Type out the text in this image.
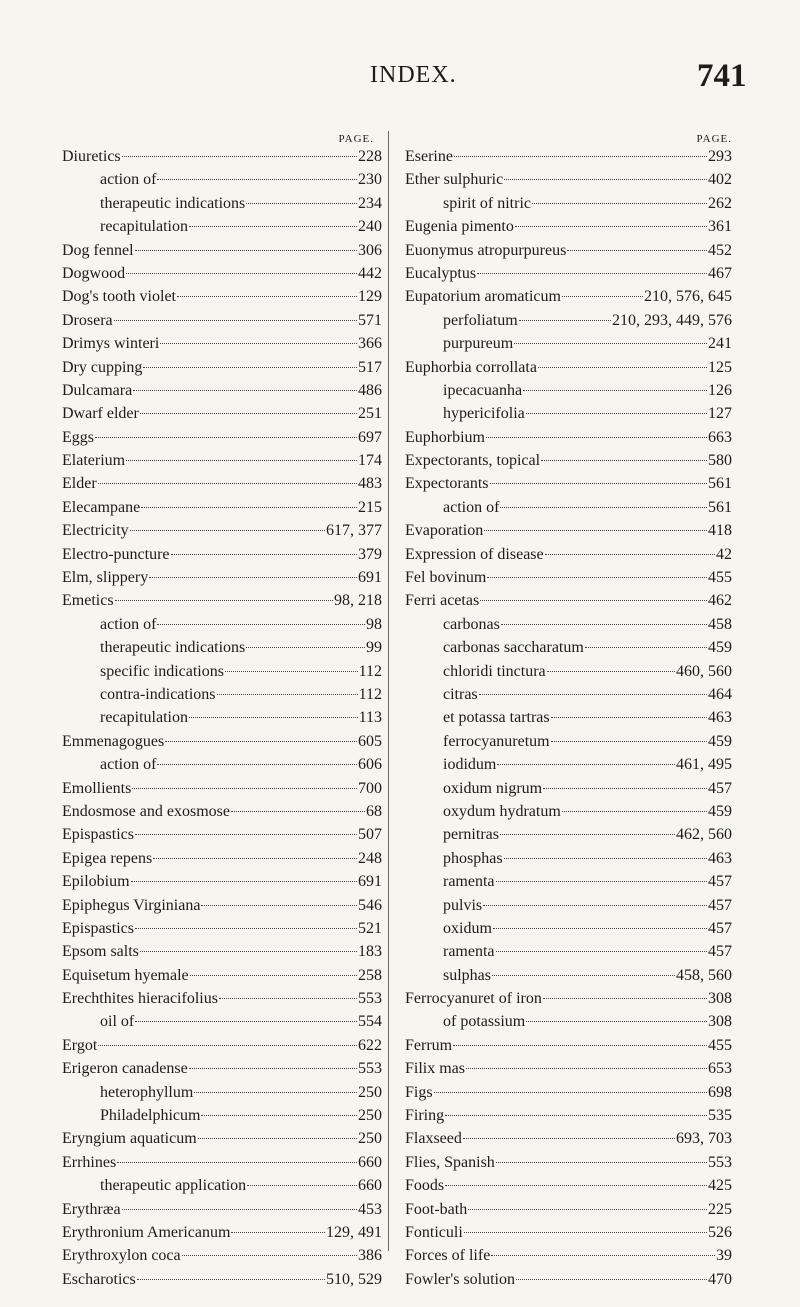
INDEX.	741
PAGE.
Diuretics	228
action of	230
therapeutic indications	234
recapitulation	240
Dog fennel	306
Dogwood	442
Dog's tooth violet	129
Drosera	571
Drimys winteri	366
Dry cupping	517
Dulcamara	486
Dwarf elder	251
Eggs	697
Elaterium	174
Elder	483
Elecampane	215
Electricity	617, 377
Electro-puncture	379
Elm, slippery	691
Emetics	98, 218
action of	98
therapeutic indications	99
specific indications	112
contra-indications	112
recapitulation	113
Emmenagogues	605
action of	606
Emollients	700
Endosmose and exosmose	68
Epispastics	507
Epigea repens	248
Epilobium	691
Epiphegus Virginiana	546
Epispastics	521
Epsom salts	183
Equisetum hyemale	258
Erechthites hieracifolius	553
oil of	554
Ergot	622
Erigeron canadense	553
heterophyllum	250
Philadelphicum	250
Eryngium aquaticum	250
Errhines	660
therapeutic application	660
Erythræa	453
Erythronium Americanum	129, 491
Erythroxylon coca	386
Escharotics	510, 529
PAGE.
Eserine	293
Ether sulphuric	402
spirit of nitric	262
Eugenia pimento	361
Euonymus atropurpureus	452
Eucalyptus	467
Eupatorium aromaticum	210, 576, 645
perfoliatum	210, 293, 449, 576
purpureum	241
Euphorbia corrollata	125
ipecacuanha	126
hypericifolia	127
Euphorbium	663
Expectorants, topical	580
Expectorants	561
action of	561
Evaporation	418
Expression of disease	42
Fel bovinum	455
Ferri acetas	462
carbonas	458
carbonas saccharatum	459
chloridi tinctura	460, 560
citras	464
et potassa tartras	463
ferrocyanuretum	459
iodidum	461, 495
oxidum nigrum	457
oxydum hydratum	459
pernitras	462, 560
phosphas	463
ramenta	457
pulvis	457
oxidum	457
ramenta	457
sulphas	458, 560
Ferrocyanuret of iron	308
of potassium	308
Ferrum	455
Filix mas	653
Figs	698
Firing	535
Flaxseed	693, 703
Flies, Spanish	553
Foods	425
Foot-bath	225
Fonticuli	526
Forces of life	39
Fowler's solution	470
